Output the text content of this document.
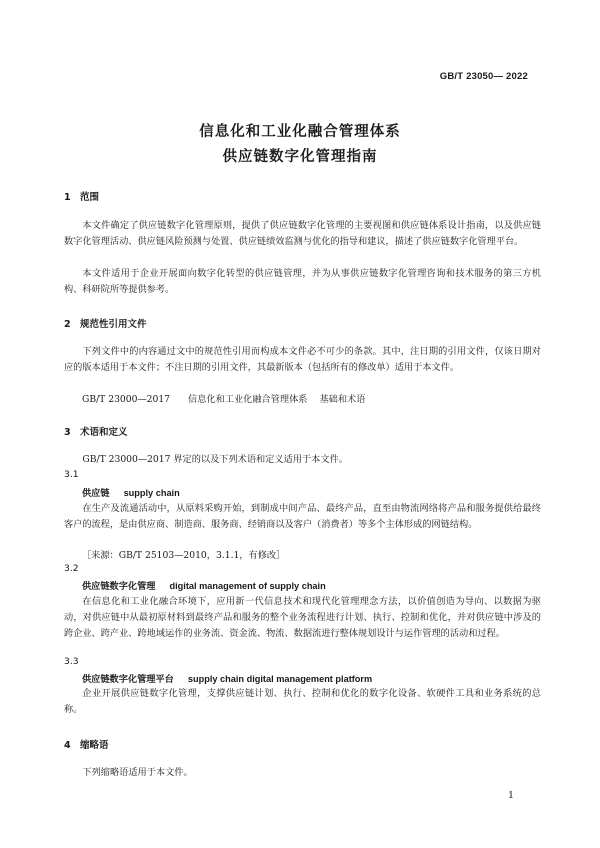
GB/T 23050— 2022
信息化和工业化融合管理体系
供应链数字化管理指南
1 范围
本文件确定了供应链数字化管理原则，提供了供应链数字化管理的主要视图和供应链体系设计指南，以及供应链数字化管理活动、供应链风险预测与处置、供应链绩效监测与优化的指导和建议，描述了供应链数字化管理平台。
本文件适用于企业开展面向数字化转型的供应链管理，并为从事供应链数字化管理咨询和技术服务的第三方机构、科研院所等提供参考。
2 规范性引用文件
下列文件中的内容通过文中的规范性引用而构成本文件必不可少的条款。其中，注日期的引用文件，仅该日期对应的版本适用于本文件；不注日期的引用文件，其最新版本（包括所有的修改单）适用于本文件。
GB/T 23000—2017 信息化和工业化融合管理体系 基础和术语
3 术语和定义
GB/T 23000—2017 界定的以及下列术语和定义适用于本文件。
3.1
供应链 supply chain
在生产及流通活动中，从原料采购开始，到制成中间产品、最终产品，直至由物流网络将产品和服务提供给最终客户的流程，是由供应商、制造商、服务商、经销商以及客户（消费者）等多个主体形成的网链结构。
［来源：GB/T 25103—2010，3.1.1，有修改］
3.2
供应链数字化管理 digital management of supply chain
在信息化和工业化融合环境下，应用新一代信息技术和现代化管理理念方法，以价值创造为导向、以数据为驱动，对供应链中从最初原材料到最终产品和服务的整个业务流程进行计划、执行、控制和优化，并对供应链中涉及的跨企业、跨产业、跨地域运作的业务流、资金流、物流、数据流进行整体规划设计与运作管理的活动和过程。
3.3
供应链数字化管理平台 supply chain digital management platform
企业开展供应链数字化管理，支撑供应链计划、执行、控制和优化的数字化设备、软硬件工具和业务系统的总称。
4 缩略语
下列缩略语适用于本文件。
1
